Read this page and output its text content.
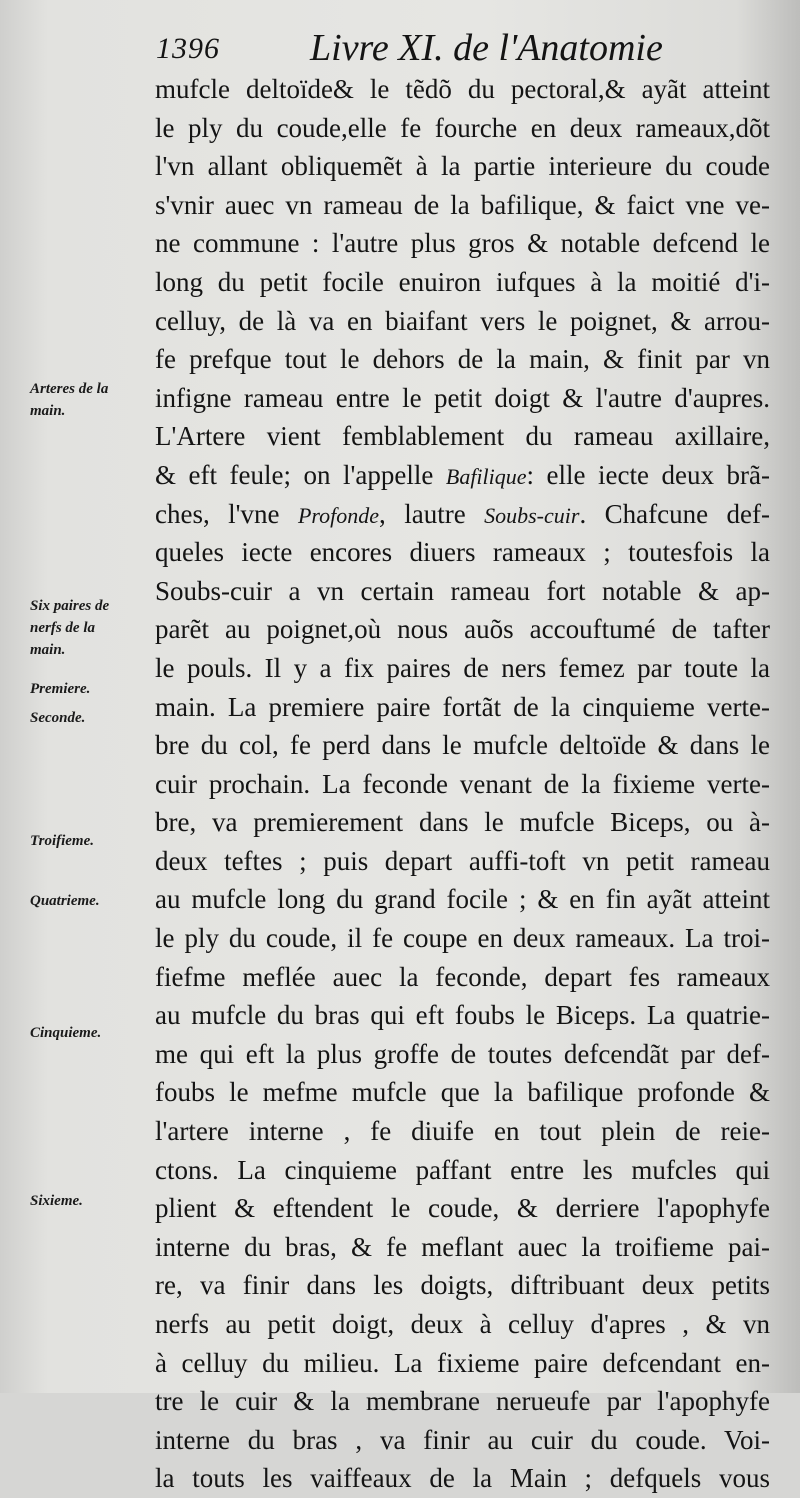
1396 Livre XI. de l'Anatomie
mufcle deltoïde& le tẽdõ du pectoral,& ayãt atteint
le ply du coude,elle fe fourche en deux rameaux,dõt
l'vn allant obliquemẽt à la partie interieure du coude
s'vnir auec vn rameau de la bafilique, & faict vne ve-
ne commune : l'autre plus gros & notable defcend le
long du petit focile enuiron iufques à la moitié d'i-
celluy, de là va en biaifant vers le poignet, & arrou-
fe prefque tout le dehors de la main, & finit par vn
infigne rameau entre le petit doigt & l'autre d'aupres.
L'Artere vient femblablement du rameau axillaire,
& eft feule; on l'appelle Bafilique: elle iecte deux brã-
ches, l'vne Profonde, lautre Soubs-cuir. Chafcune def-
queles iecte encores diuers rameaux ; toutesfois la
Soubs-cuir a vn certain rameau fort notable & ap-
parẽt au poignet,où nous auõs accouftumé de tafter
le pouls. Il y a fix paires de ners femez par toute la
main. La premiere paire fortãt de la cinquieme verte-
bre du col, fe perd dans le mufcle deltoïde & dans le
cuir prochain. La feconde venant de la fixieme verte-
bre, va premierement dans le mufcle Biceps, ou à-
deux teftes ; puis depart auffi-toft vn petit rameau
au mufcle long du grand focile ; & en fin ayãt atteint
le ply du coude, il fe coupe en deux rameaux. La troi-
fiefme meflée auec la feconde, depart fes rameaux
au mufcle du bras qui eft foubs le Biceps. La quatrie-
me qui eft la plus groffe de toutes defcendãt par def-
foubs le mefme mufcle que la bafilique profonde &
l'artere interne , fe diuife en tout plein de reie-
ctons. La cinquieme paffant entre les mufcles qui
plient & eftendent le coude, & derriere l'apophyfe
interne du bras, & fe meflant auec la troifieme pai-
re, va finir dans les doigts, diftribuant deux petits
nerfs au petit doigt, deux à celluy d'apres , & vn
à celluy du milieu. La fixieme paire defcendant en-
tre le cuir & la membrane nerueufe par l'apophyfe
interne du bras , va finir au cuir du coude. Voi-
la touts les vaiffeaux de la Main ; defquels vous
Arteres de la
main.
Six paires de
nerfs de la
main.
Premiere.
Seconde.
Troifieme.
Quatrieme.
Cinquieme.
Sixieme.
